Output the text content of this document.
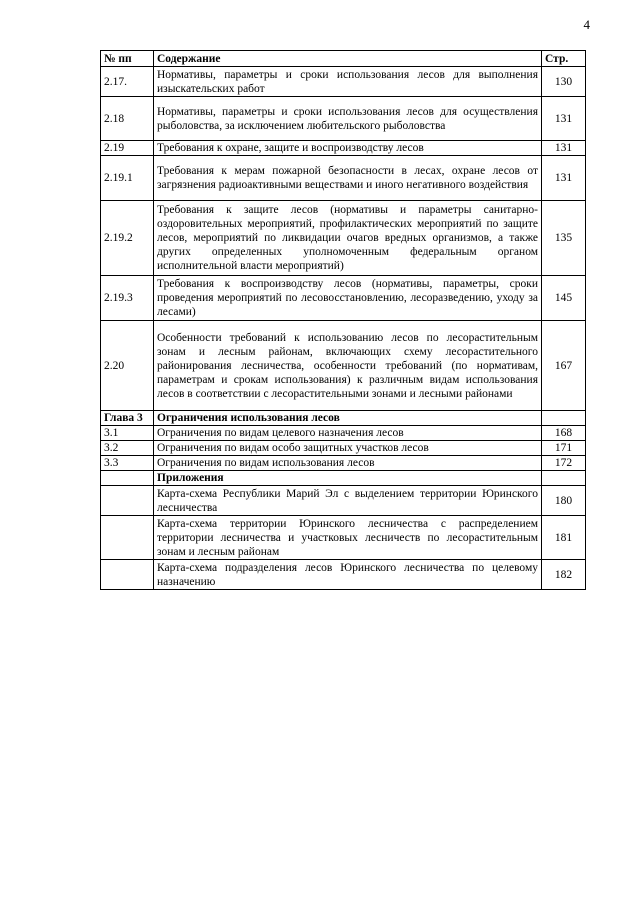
4
№ пп	Содержание	Стр.
2.17.	Нормативы, параметры и сроки использования лесов для выполнения изыскательских работ	130
2.18	Нормативы, параметры и сроки использования лесов для осуществления рыболовства, за исключением любительского рыболовства	131
2.19	Требования к охране, защите и воспроизводству лесов	131
2.19.1	Требования к мерам пожарной безопасности в лесах, охране лесов от загрязнения радиоактивными веществами и иного негативного воздействия	131
2.19.2	Требования к защите лесов (нормативы и параметры санитарно-оздоровительных мероприятий, профилактических мероприятий по защите лесов, мероприятий по ликвидации очагов вредных организмов, а также других определенных уполномоченным федеральным органом исполнительной власти мероприятий)	135
2.19.3	Требования к воспроизводству лесов (нормативы, параметры, сроки проведения мероприятий по лесовосстановлению, лесоразведению, уходу за лесами)	145
2.20	Особенности требований к использованию лесов по лесорастительным зонам и лесным районам, включающих схему лесорастительного районирования лесничества, особенности требований (по нормативам, параметрам и срокам использования) к различным видам использования лесов в соответствии с лесорастительными зонами и лесными районами	167
Глава 3	Ограничения использования лесов	
3.1	Ограничения по видам целевого назначения лесов	168
3.2	Ограничения по видам особо защитных участков лесов	171
3.3	Ограничения по видам использования лесов	172
	Приложения	
	Карта-схема Республики Марий Эл с выделением территории Юринского лесничества	180
	Карта-схема территории Юринского лесничества с распределением территории лесничества и участковых лесничеств по лесорастительным зонам и лесным районам	181
	Карта-схема подразделения лесов Юринского лесничества по целевому назначению	182
